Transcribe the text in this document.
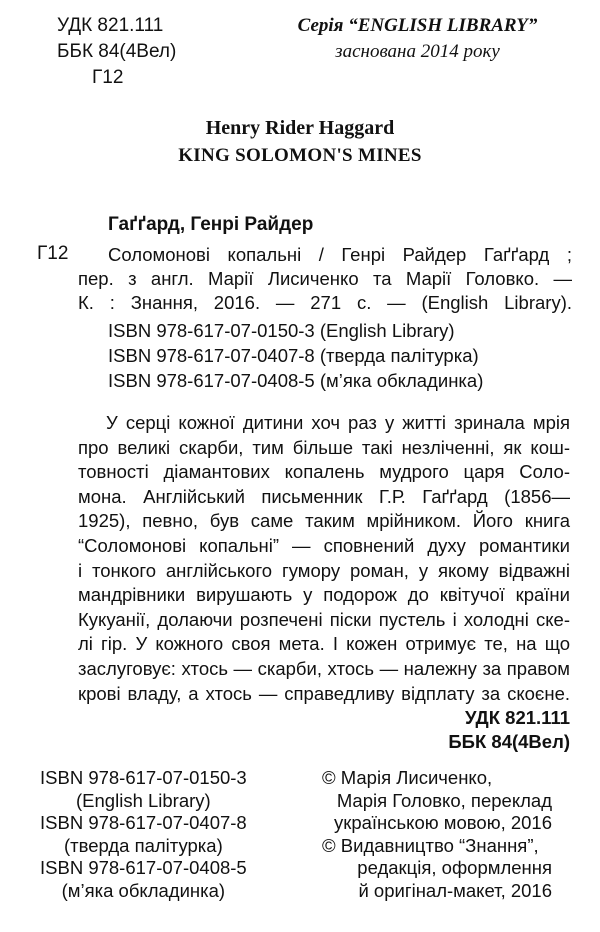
УДК 821.111
ББК 84(4Вел)
Г12
Серія “ENGLISH LIBRARY”
заснована 2014 року
Henry Rider Haggard
KING SOLOMON'S MINES
Гаґґард, Генрі Райдер
Г12 Соломонові копальні / Генрі Райдер Гаґґард ;
пер. з англ. Марії Лисиченко та Марії Головко. —
К. : Знання, 2016. — 271 с. — (English Library).
ISBN 978-617-07-0150-3 (English Library)
ISBN 978-617-07-0407-8 (тверда палітурка)
ISBN 978-617-07-0408-5 (м’яка обкладинка)
У серці кожної дитини хоч раз у житті зринала мрія
про великі скарби, тим більше такі незліченні, як кош-
товності діамантових копалень мудрого царя Соло-
мона. Англійський письменник Г.Р. Гаґґард (1856—
1925), певно, був саме таким мрійником. Його книга
“Соломонові копальні” — сповнений духу романтики
і тонкого англійського гумору роман, у якому відважні
мандрівники вирушають у подорож до квітучої країни
Кукуанії, долаючи розпечені піски пустель і холодні ске-
лі гір. У кожного своя мета. І кожен отримує те, на що
заслуговує: хтось — скарби, хтось — належну за правом
крові владу, а хтось — справедливу відплату за скоєне.
УДК 821.111
ББК 84(4Вел)
ISBN 978-617-07-0150-3
(English Library)
ISBN 978-617-07-0407-8
(тверда палітурка)
ISBN 978-617-07-0408-5
(м’яка обкладинка)
© Марія Лисиченко,
Марія Головко, переклад
українською мовою, 2016
© Видавництво “Знання”,
редакція, оформлення
й оригінал-макет, 2016
